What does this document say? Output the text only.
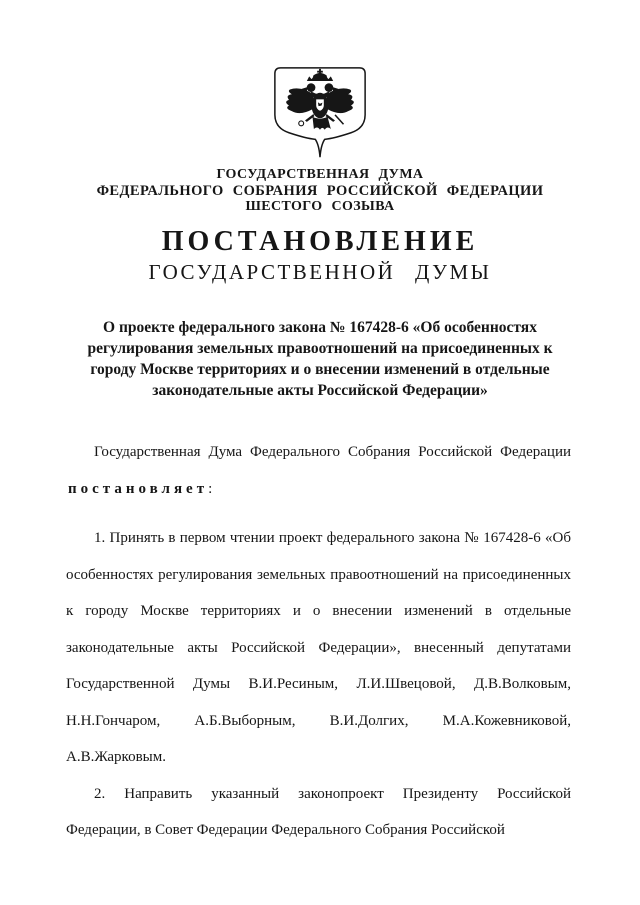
ГОСУДАРСТВЕННАЯ ДУМА
ФЕДЕРАЛЬНОГО СОБРАНИЯ РОССИЙСКОЙ ФЕДЕРАЦИИ
ШЕСТОГО СОЗЫВА
ПОСТАНОВЛЕНИЕ
ГОСУДАРСТВЕННОЙ ДУМЫ
О проекте федерального закона № 167428-6 «Об особенностях регулирования земельных правоотношений на присоединенных к городу Москве территориях и о внесении изменений в отдельные законодательные акты Российской Федерации»

Государственная Дума Федерального Собрания Российской Федерации постановляет:

1. Принять в первом чтении проект федерального закона № 167428-6 «Об особенностях регулирования земельных правоотношений на присоединенных к городу Москве территориях и о внесении изменений в отдельные законодательные акты Российской Федерации», внесенный депутатами Государственной Думы В.И.Ресиным, Л.И.Швецовой, Д.В.Волковым, Н.Н.Гончаром, А.Б.Выборным, В.И.Долгих, М.А.Кожевниковой, А.В.Жарковым.

2. Направить указанный законопроект Президенту Российской Федерации, в Совет Федерации Федерального Собрания Российской
